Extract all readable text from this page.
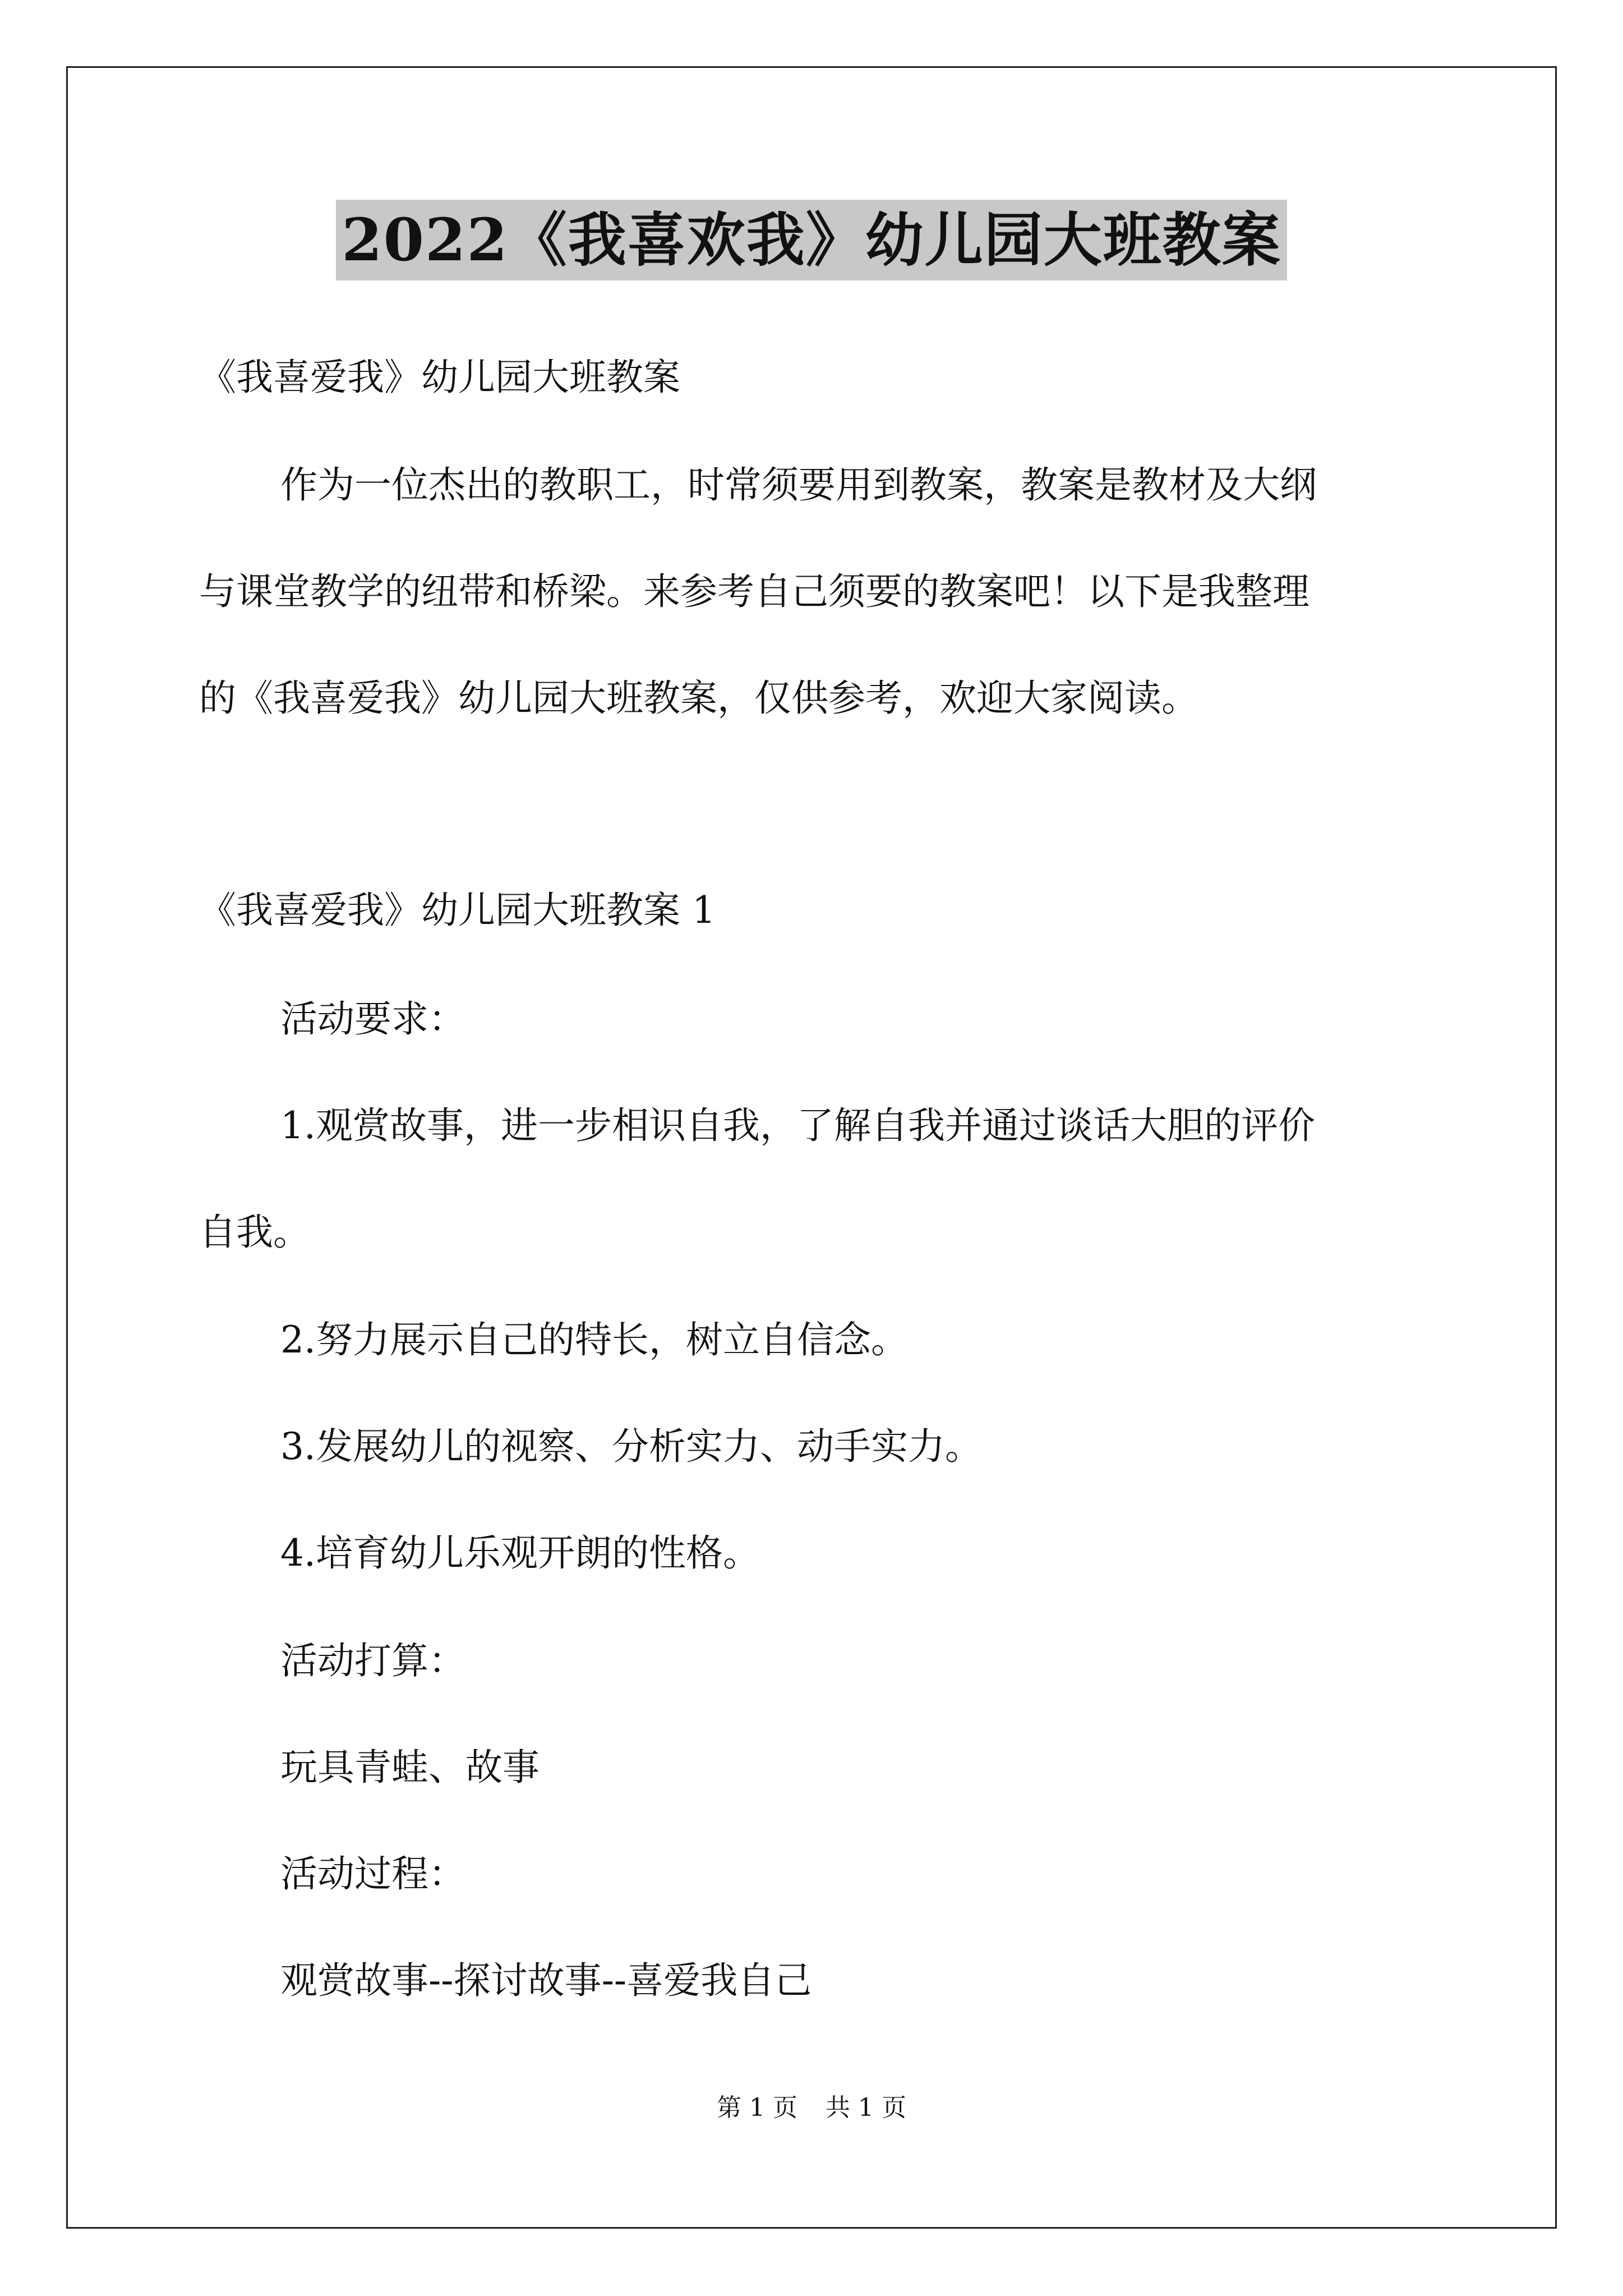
2022《我喜欢我》幼儿园大班教案
《我喜爱我》幼儿园大班教案
作为一位杰出的教职工，时常须要用到教案，教案是教材及大纲
与课堂教学的纽带和桥梁。来参考自己须要的教案吧！以下是我整理
的《我喜爱我》幼儿园大班教案，仅供参考，欢迎大家阅读。
《我喜爱我》幼儿园大班教案 1
活动要求：
1.观赏故事，进一步相识自我，了解自我并通过谈话大胆的评价
自我。
2.努力展示自己的特长，树立自信念。
3.发展幼儿的视察、分析实力、动手实力。
4.培育幼儿乐观开朗的性格。
活动打算：
玩具青蛙、故事
活动过程：
观赏故事--探讨故事--喜爱我自己
第 1 页 共 1 页
